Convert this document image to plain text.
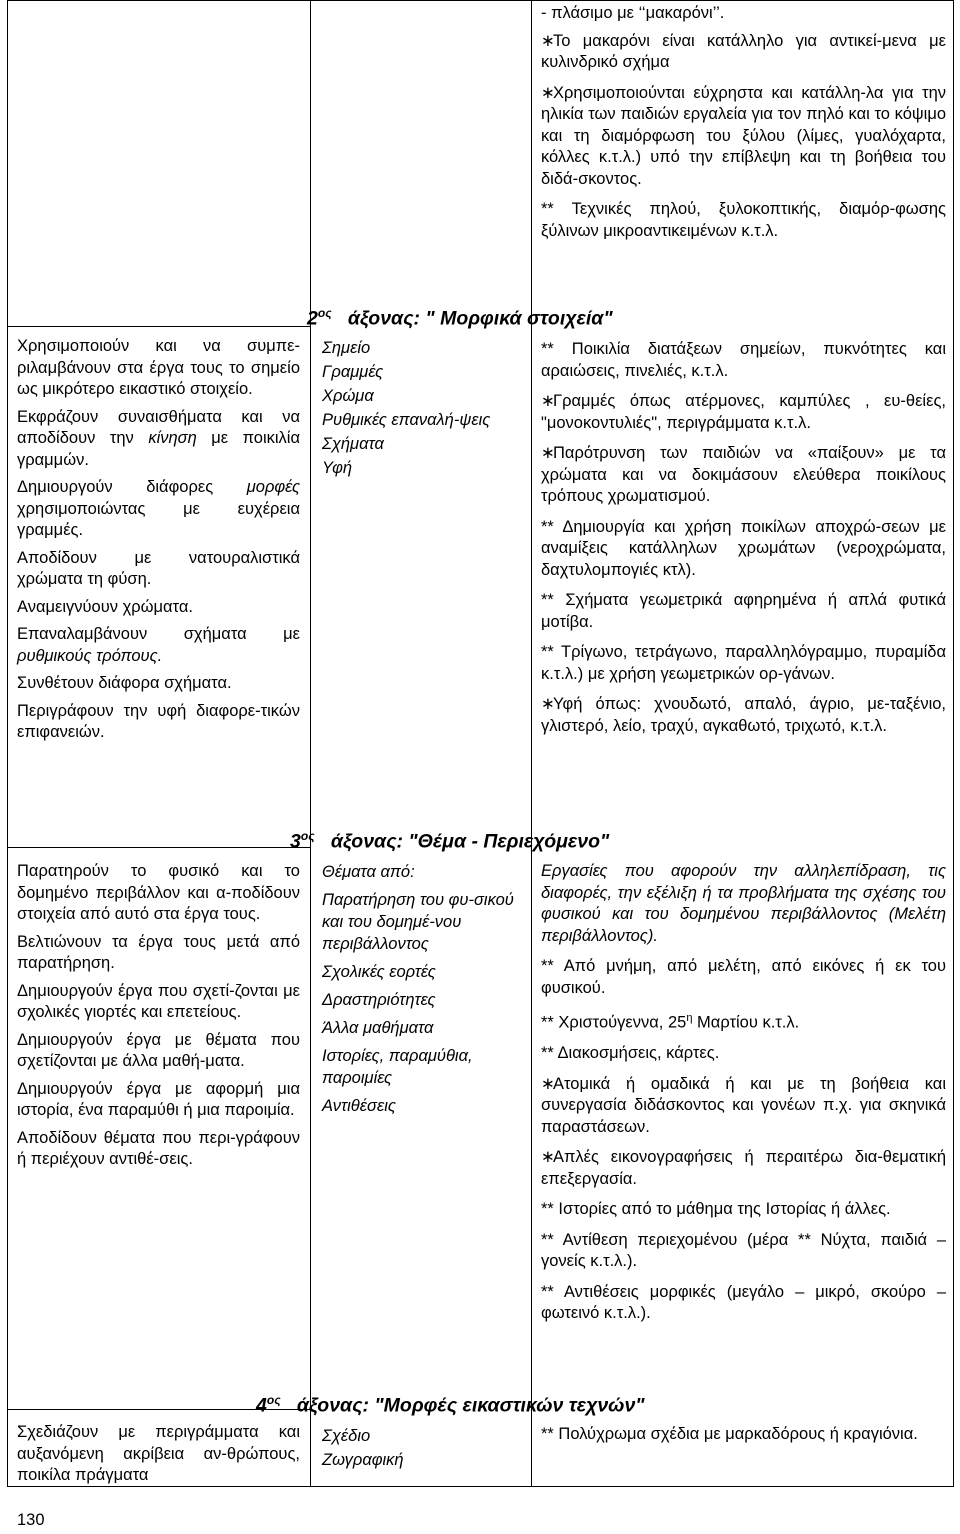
- πλάσιμο με ‘‘μακαρόνι’’.

∗Το μακαρόνι είναι κατάλληλο για αντικεί-μενα με κυλινδρικό σχήμα

∗Χρησιμοποιούνται εύχρηστα και κατάλλη-λα για την ηλικία των παιδιών εργαλεία για τον πηλό και το κόψιμο και τη διαμόρφωση του ξύλου (λίμες, γυαλόχαρτα, κόλλες κ.τ.λ.) υπό την επίβλεψη και τη βοήθεια του διδά-σκοντος.

** Τεχνικές πηλού, ξυλοκοπτικής, διαμόρ-φωσης ξύλινων μικροαντικειμένων κ.τ.λ.

$2^{o\varsigma}$ άξονας: " Μορφικά στοιχεία"

Χρησιμοποιούν και να συμπε-ριλαμβάνουν στα έργα τους το σημείο ως μικρότερο εικαστικό στοιχείο.

Εκφράζουν συναισθήματα και να αποδίδουν την κίνηση με ποικιλία γραμμών.

Δημιουργούν διάφορες μορφές χρησιμοποιώντας με ευχέρεια γραμμές.

Αποδίδουν με νατουραλιστικά χρώματα τη φύση.

Αναμειγνύουν χρώματα.

Επαναλαμβάνουν σχήματα με ρυθμικούς τρόπους.

Συνθέτουν διάφορα σχήματα.

Περιγράφουν την υφή διαφορε-τικών επιφανειών.

Σημείο

Γραμμές

Χρώμα

Ρυθμικές επαναλή-ψεις

Σχήματα

Υφή

** Ποικιλία διατάξεων σημείων, πυκνότητες και αραιώσεις, πινελιές, κ.τ.λ.

∗Γραμμές όπως ατέρμονες, καμπύλες , ευ-θείες, "μονοκοντυλιές", περιγράμματα κ.τ.λ.

∗Παρότρυνση των παιδιών να «παίξουν» με τα χρώματα και να δοκιμάσουν ελεύθερα ποικίλους τρόπους χρωματισμού.

** Δημιουργία και χρήση ποικίλων αποχρώ-σεων με αναμίξεις κατάλληλων χρωμάτων (νεροχρώματα, δαχτυλομπογιές κτλ).

** Σχήματα γεωμετρικά αφηρημένα ή απλά φυτικά μοτίβα.

** Τρίγωνο, τετράγωνο, παραλληλόγραμμο, πυραμίδα κ.τ.λ.) με χρήση γεωμετρικών ορ-γάνων.

∗Υφή όπως: χνουδωτό, απαλό, άγριο, με-ταξένιο, γλιστερό, λείο, τραχύ, αγκαθωτό, τριχωτό, κ.τ.λ.

$3^{o\varsigma}$ άξονας: "Θέμα - Περιεχόμενο"

Παρατηρούν το φυσικό και το δομημένο περιβάλλον και α-ποδίδουν στοιχεία από αυτό στα έργα τους.

Βελτιώνουν τα έργα τους μετά από παρατήρηση.

Δημιουργούν έργα που σχετί-ζονται με σχολικές γιορτές και επετείους.

Δημιουργούν έργα με θέματα που σχετίζονται με άλλα μαθή-ματα.

Δημιουργούν έργα με αφορμή μια ιστορία, ένα παραμύθι ή μια παροιμία.

Αποδίδουν θέματα που περι-γράφουν ή περιέχουν αντιθέ-σεις.

Θέματα από:

Παρατήρηση του φυ-σικού και του δομημέ-νου περιβάλλοντος

Σχολικές εορτές

Δραστηριότητες

Άλλα μαθήματα

Ιστορίες, παραμύθια, παροιμίες

Αντιθέσεις

Εργασίες που αφορούν την αλληλεπίδραση, τις διαφορές, την εξέλιξη ή τα προβλήματα της σχέσης του φυσικού και του δομημένου περιβάλλοντος (Μελέτη περιβάλλοντος).

** Από μνήμη, από μελέτη, από εικόνες ή εκ του φυσικού.

** Χριστούγεννα, $25^\eta$ Μαρτίου κ.τ.λ.

** Διακοσμήσεις, κάρτες.

∗Ατομικά ή ομαδικά ή και με τη βοήθεια και συνεργασία διδάσκοντος και γονέων π.χ. για σκηνικά παραστάσεων.

∗Απλές εικονογραφήσεις ή περαιτέρω δια-θεματική επεξεργασία.

** Ιστορίες από το μάθημα της Ιστορίας ή άλλες.

** Αντίθεση περιεχομένου (μέρα ** Νύχτα, παιδιά – γονείς κ.τ.λ.).

** Αντιθέσεις μορφικές (μεγάλο – μικρό, σκούρο – φωτεινό κ.τ.λ.).

$4^{o\varsigma}$ άξονας: "Μορφές εικαστικών τεχνών"

Σχεδιάζουν με περιγράμματα και αυξανόμενη ακρίβεια αν-θρώπους, ποικίλα πράγματα

Σχέδιο

Ζωγραφική

** Πολύχρωμα σχέδια με μαρκαδόρους ή κραγιόνια.

130
